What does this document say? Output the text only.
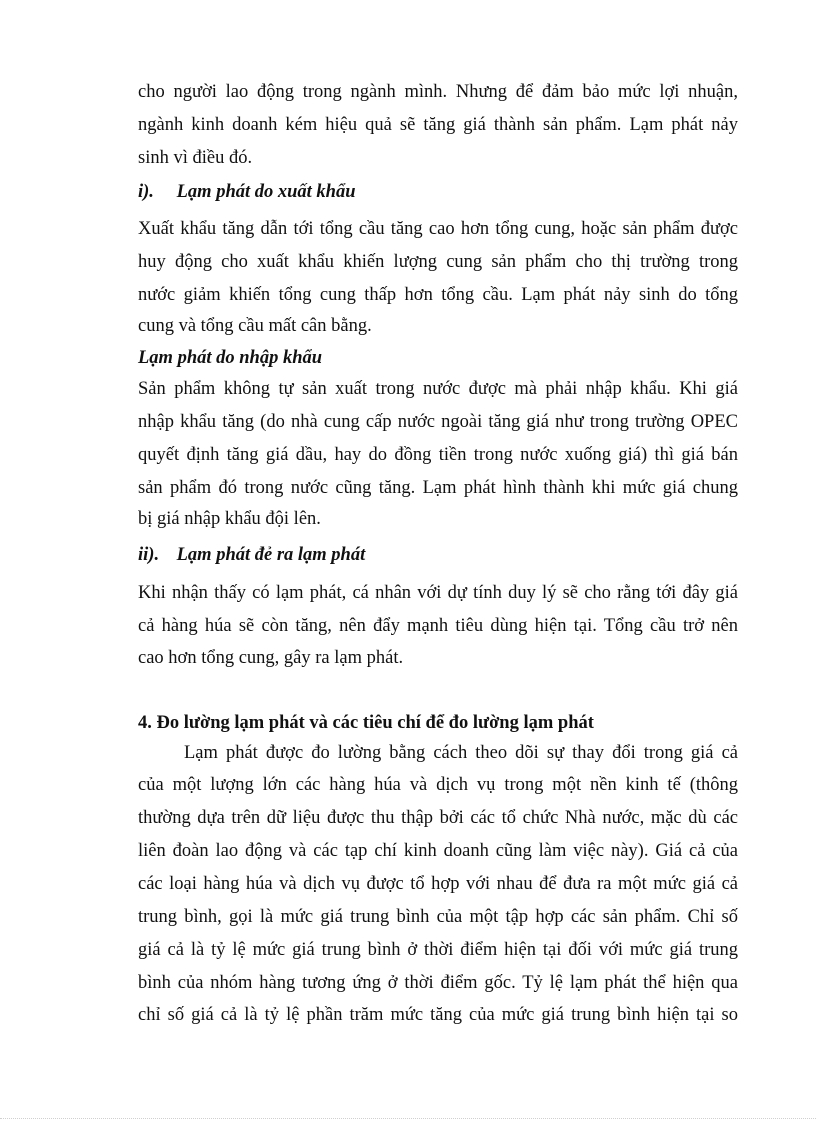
cho người lao động trong ngành mình. Nhưng để đảm bảo mức lợi nhuận,
ngành kinh doanh kém hiệu quả sẽ tăng giá thành sản phẩm. Lạm phát nảy
sinh vì điều đó.
i). Lạm phát do xuất khẩu
Xuất khẩu tăng dẫn tới tổng cầu tăng cao hơn tổng cung, hoặc sản phẩm được
huy động cho xuất khẩu khiến lượng cung sản phẩm cho thị trường trong
nước giảm khiến tổng cung thấp hơn tổng cầu. Lạm phát nảy sinh do tổng
cung và tổng cầu mất cân bằng.
Lạm phát do nhập khẩu
Sản phẩm không tự sản xuất trong nước được mà phải nhập khẩu. Khi giá
nhập khẩu tăng (do nhà cung cấp nước ngoài tăng giá như trong trường OPEC
quyết định tăng giá dầu, hay do đồng tiền trong nước xuống giá) thì giá bán
sản phẩm đó trong nước cũng tăng. Lạm phát hình thành khi mức giá chung
bị giá nhập khẩu đội lên.
ii). Lạm phát đẻ ra lạm phát
Khi nhận thấy có lạm phát, cá nhân với dự tính duy lý sẽ cho rằng tới đây giá
cả hàng húa sẽ còn tăng, nên đẩy mạnh tiêu dùng hiện tại. Tổng cầu trở nên
cao hơn tổng cung, gây ra lạm phát.
4. Đo lường lạm phát và các tiêu chí để đo lường lạm phát
Lạm phát được đo lường bằng cách theo dõi sự thay đổi trong giá cả
của một lượng lớn các hàng húa và dịch vụ trong một nền kinh tế (thông
thường dựa trên dữ liệu được thu thập bởi các tổ chức Nhà nước, mặc dù các
liên đoàn lao động và các tạp chí kinh doanh cũng làm việc này). Giá cả của
các loại hàng húa và dịch vụ được tổ hợp với nhau để đưa ra một mức giá cả
trung bình, gọi là mức giá trung bình của một tập hợp các sản phẩm. Chỉ số
giá cả là tỷ lệ mức giá trung bình ở thời điểm hiện tại đối với mức giá trung
bình của nhóm hàng tương ứng ở thời điểm gốc. Tỷ lệ lạm phát thể hiện qua
chỉ số giá cả là tỷ lệ phần trăm mức tăng của mức giá trung bình hiện tại so
